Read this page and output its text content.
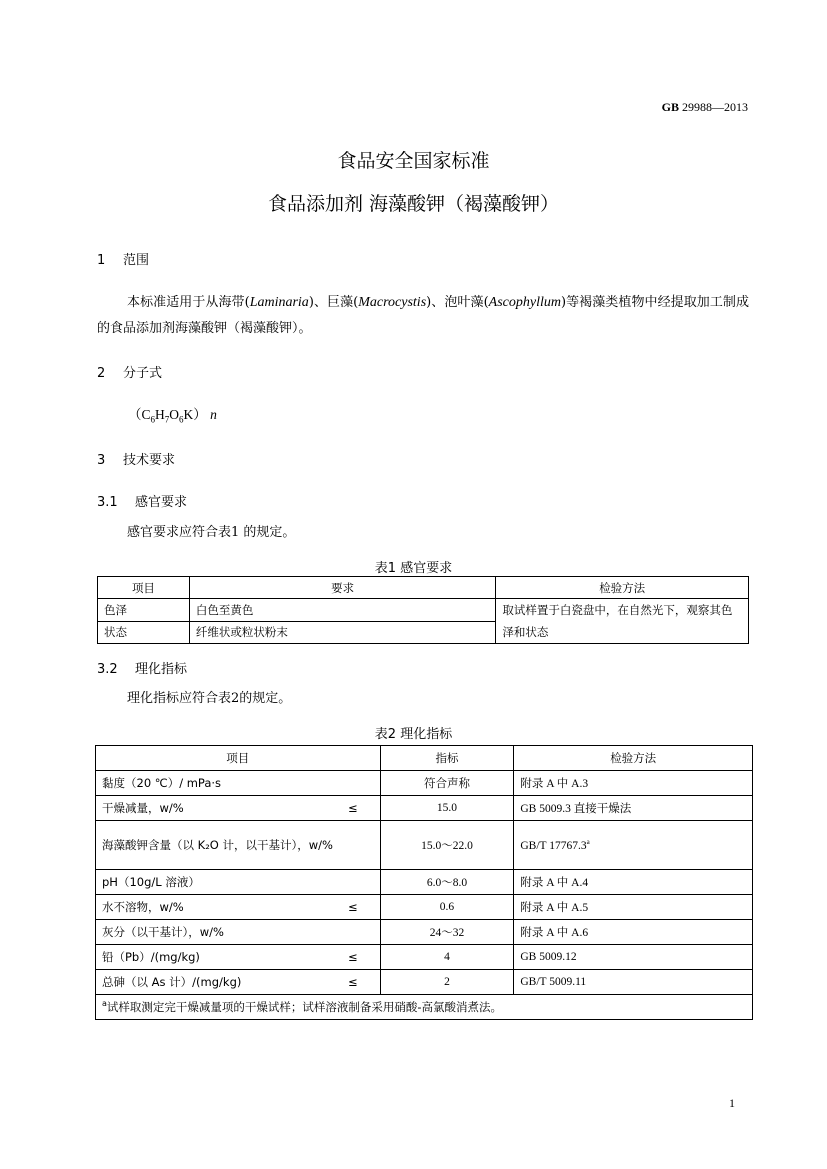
GB 29988—2013
食品安全国家标准
食品添加剂 海藻酸钾（褐藻酸钾）
1 范围
本标准适用于从海带(Laminaria)、巨藻(Macrocystis)、泡叶藻(Ascophyllum)等褐藻类植物中经提取加工制成的食品添加剂海藻酸钾（褐藻酸钾）。
2 分子式
$(C_6H_7O_6K)$ n
3 技术要求
3.1 感官要求
感官要求应符合表1 的规定。
表1 感官要求
项目	要求	检验方法
色泽	白色至黄色	取试样置于白瓷盘中，在自然光下，观察其色泽和状态
状态	纤维状或粒状粉末	
3.2 理化指标
理化指标应符合表2的规定。
表2 理化指标
项目	指标	检验方法
黏度（20 ℃）/ mPa·s	符合声称	附录 A 中 A.3
干燥减量，w/% ≤	15.0	GB 5009.3 直接干燥法
海藻酸钾含量（以 K₂O 计，以干基计），w/%	15.0～22.0	GB/T 17767.3$^a$
pH（10g/L 溶液）	6.0～8.0	附录 A 中 A.4
水不溶物，w/% ≤	0.6	附录 A 中 A.5
灰分（以干基计），w/%	24～32	附录 A 中 A.6
铅（Pb）/(mg/kg) ≤	4	GB 5009.12
总砷（以 As 计）/(mg/kg) ≤	2	GB/T 5009.11
$^a$试样取测定完干燥减量项的干燥试样；试样溶液制备采用硝酸-高氯酸消煮法。		
1
